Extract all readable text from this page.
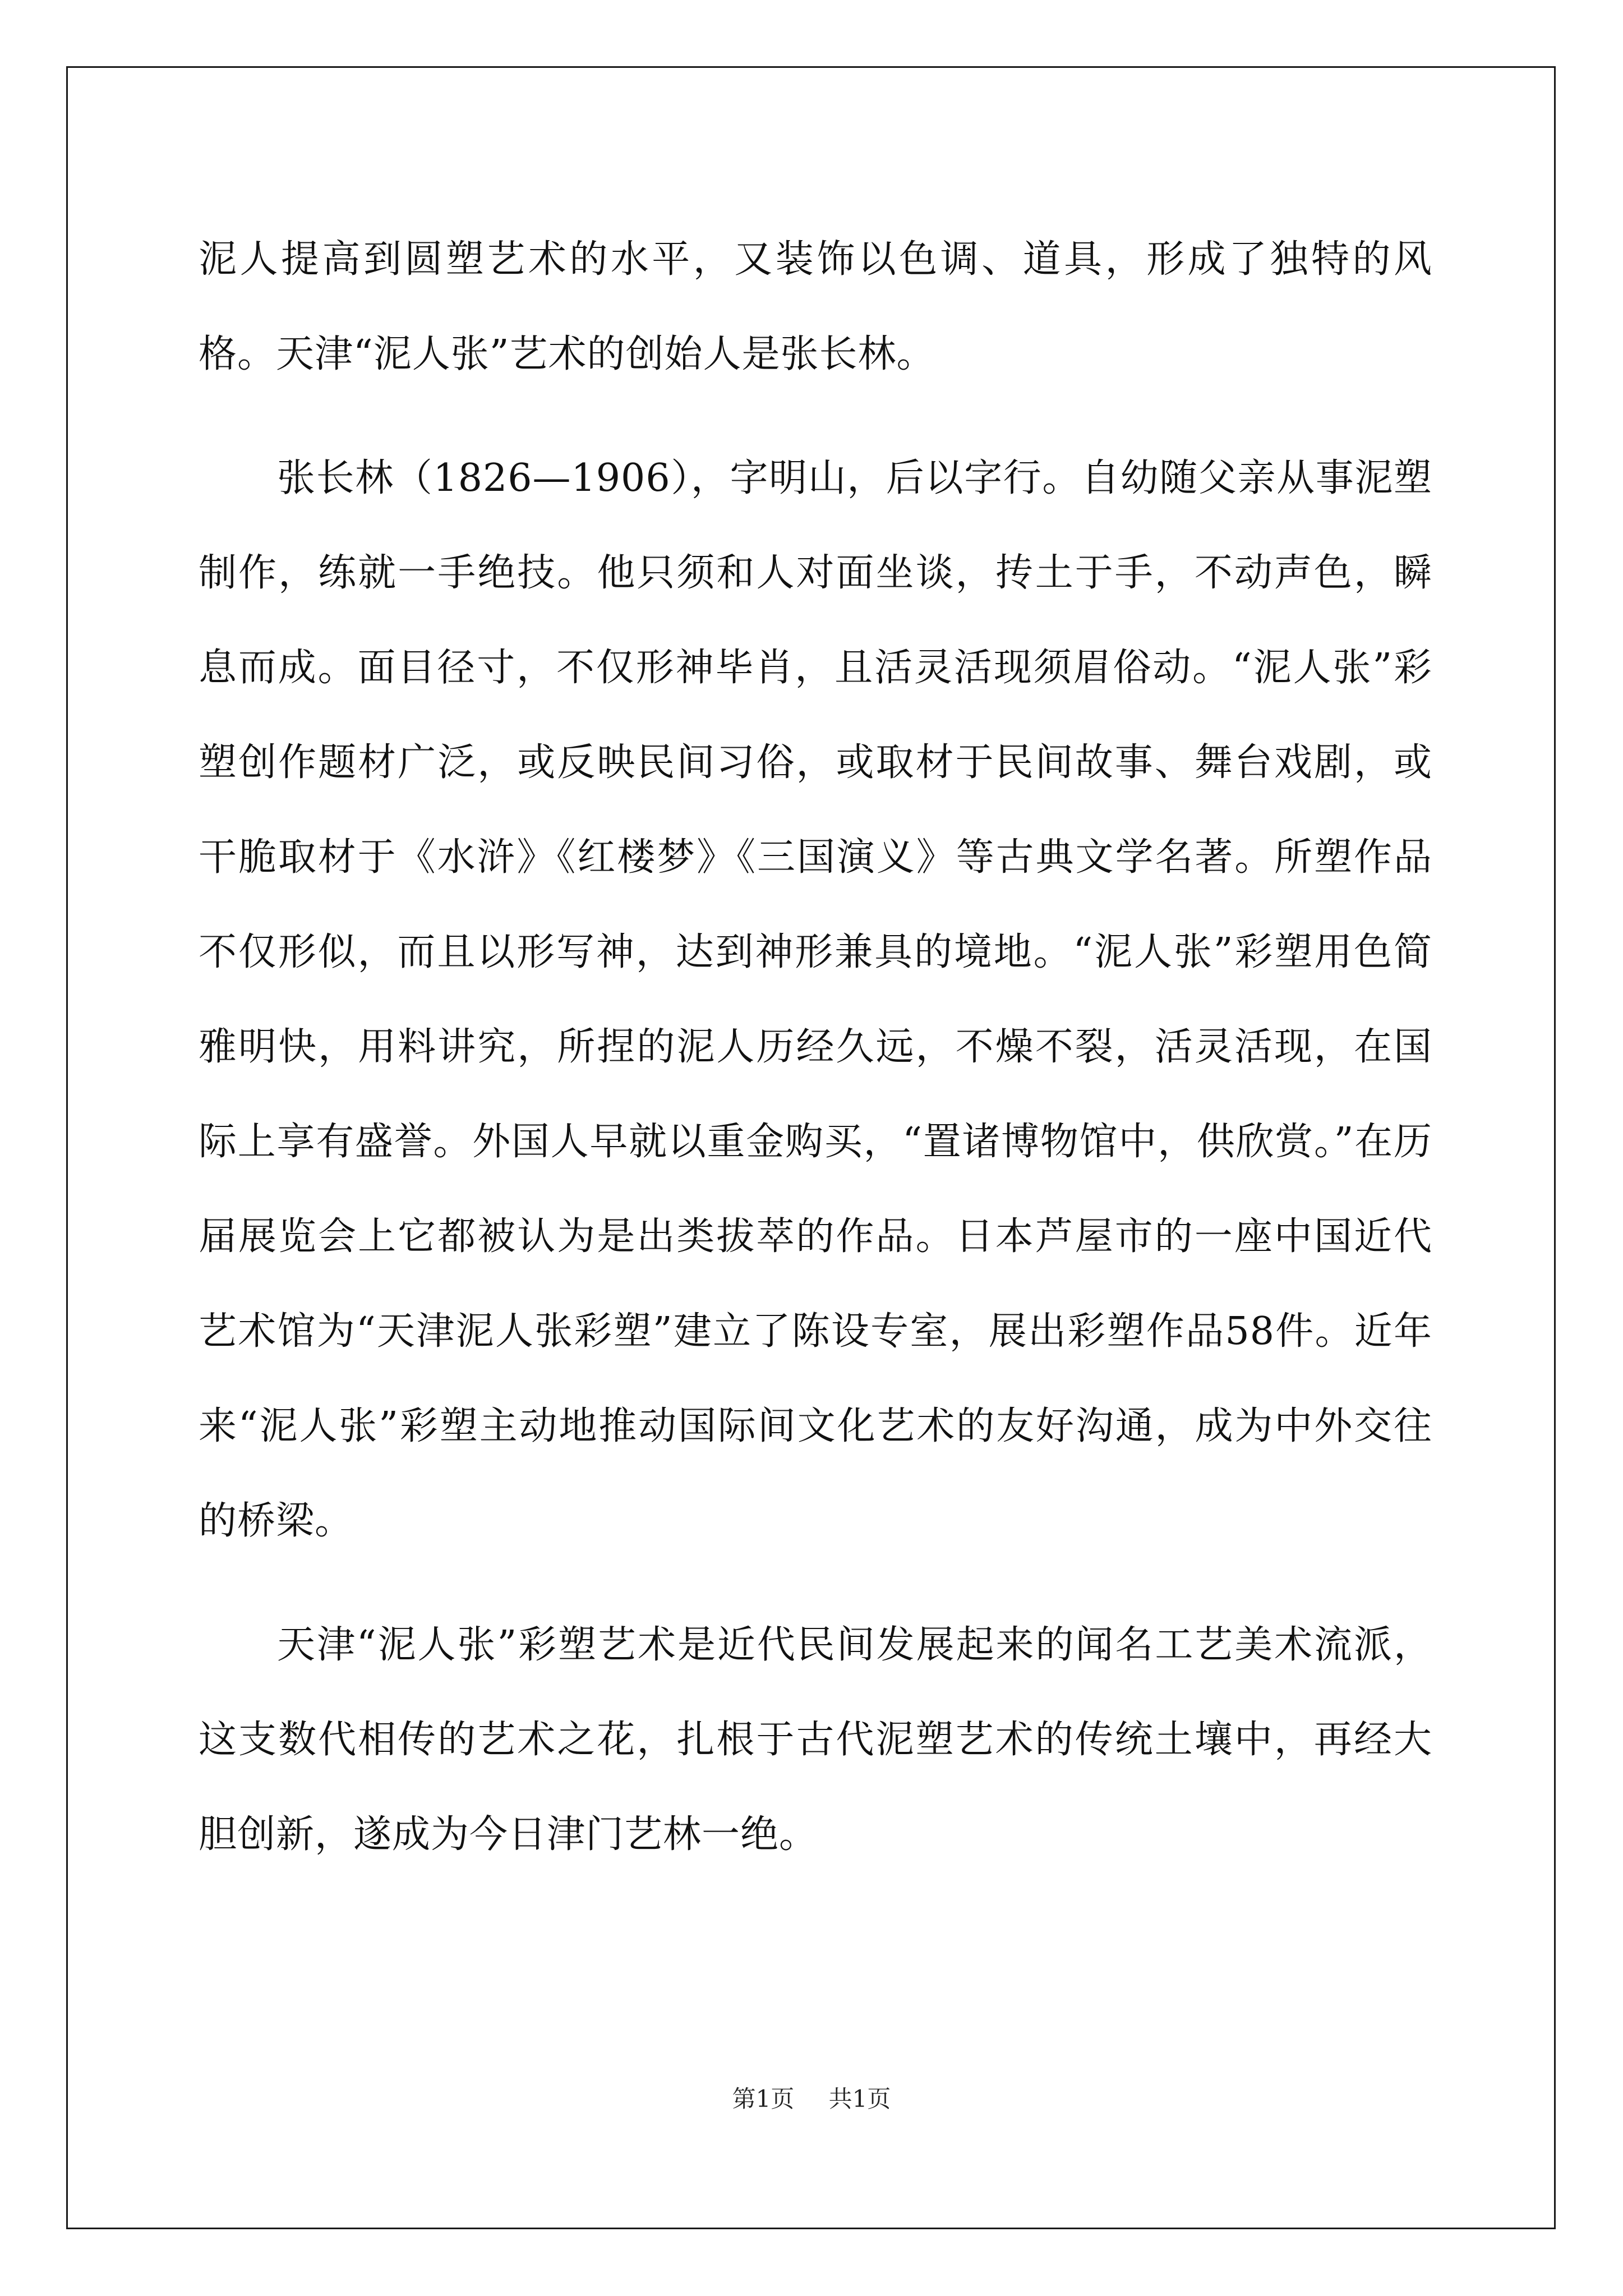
泥人提高到圆塑艺术的水平，又装饰以色调、道具，形成了独特的风格。天津“泥人张”艺术的创始人是张长林。

张长林（1826—1906），字明山，后以字行。自幼随父亲从事泥塑制作，练就一手绝技。他只须和人对面坐谈，抟土于手，不动声色，瞬息而成。面目径寸，不仅形神毕肖，且活灵活现须眉俗动。“泥人张”彩塑创作题材广泛，或反映民间习俗，或取材于民间故事、舞台戏剧，或干脆取材于《水浒》《红楼梦》《三国演义》等古典文学名著。所塑作品不仅形似，而且以形写神，达到神形兼具的境地。“泥人张”彩塑用色简雅明快，用料讲究，所捏的泥人历经久远，不燥不裂，活灵活现，在国际上享有盛誉。外国人早就以重金购买，“置诸博物馆中，供欣赏。”在历届展览会上它都被认为是出类拔萃的作品。日本芦屋市的一座中国近代艺术馆为“天津泥人张彩塑”建立了陈设专室，展出彩塑作品58件。近年来“泥人张”彩塑主动地推动国际间文化艺术的友好沟通，成为中外交往的桥梁。

天津“泥人张”彩塑艺术是近代民间发展起来的闻名工艺美术流派，这支数代相传的艺术之花，扎根于古代泥塑艺术的传统土壤中，再经大胆创新，遂成为今日津门艺林一绝。

第1页 共1页
